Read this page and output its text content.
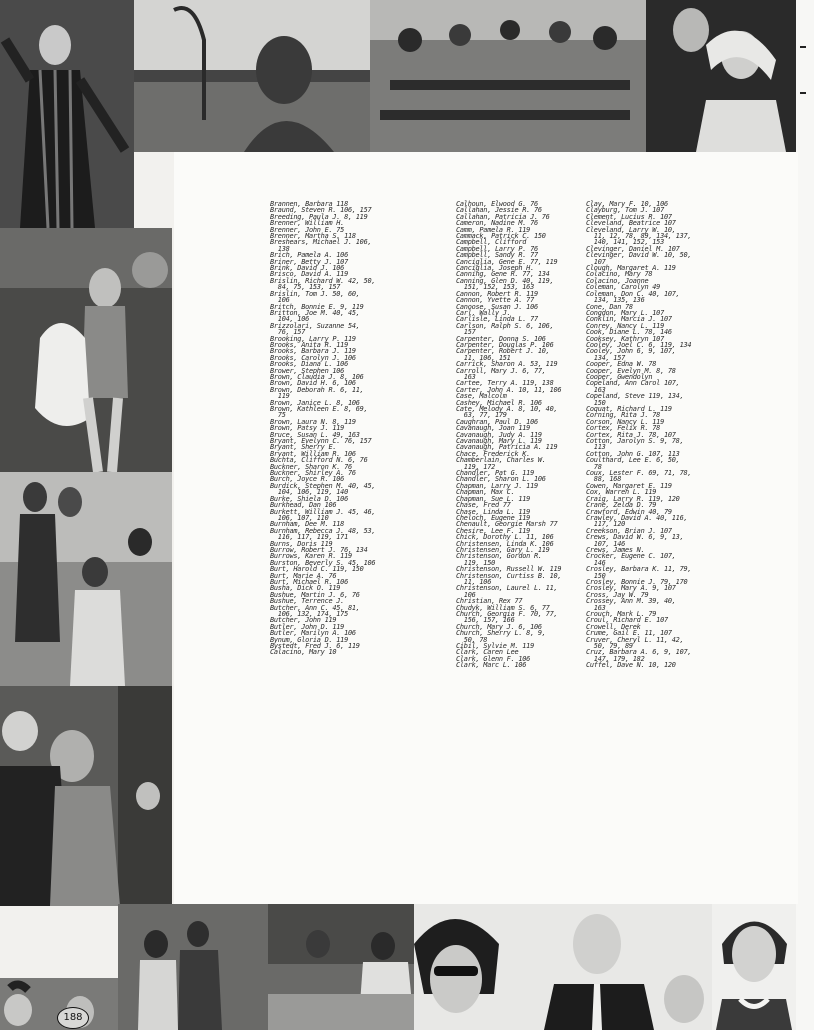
188
Brannen, Barbara 118
Braund, Steven R. 106, 157
Breeding, Paula J. 8, 119
Brenner, William H.
Brenner, John E. 75
Brenner, Martha S. 118
Breshears, Michael J. 106,
138
Brich, Pamela A. 106
Briner, Betty J. 107
Brink, David J. 106
Brisco, David A. 119
Brislin, Richard W. 42, 50,
84, 75, 153, 157
Brislin, Tom J. 50, 60,
106
Britch, Bonnie E. 9, 119
Britton, Joe M. 40, 45,
104, 106
Brizzolari, Suzanne 54,
76, 157
Brooking, Larry P. 119
Brooks, Anita R. 119
Brooks, Barbara J. 119
Brooks, Carolyn J. 106
Brooks, Diana L. 106
Brower, Stephen 106
Brown, Claudia J. 8, 106
Brown, David H. 6, 106
Brown, Deborah R. 6, 11,
119
Brown, Janice L. 8, 106
Brown, Kathleen E. 8, 69,
75
Brown, Laura N. 8, 119
Brown, Patsy J. 119
Bruce, Susan L. 49, 163
Bryant, Evelynn C. 76, 157
Bryant, Sherry E.
Bryant, William R. 106
Buchta, Clifford N. 6, 76
Buckner, Sharon K. 76
Buckner, Shirley A. 76
Burch, Joyce R. 106
Burdick, Stephen M. 40, 45,
104, 106, 119, 140
Burke, Shiela D. 106
Burkhead, Dan 106
Burkett, William J. 45, 46,
106, 107, 110
Burnham, Dee M. 118
Burnham, Rebecca J. 48, 53,
116, 117, 119, 171
Burns, Doris 119
Burrow, Robert J. 76, 134
Burrows, Karen R. 119
Burston, Beverly S. 45, 106
Burt, Harold C. 119, 150
Burt, Marie A. 76
Burt, Michael R. 106
Busha, Dick O. 119
Bushue, Martin J. 6, 76
Bushue, Terrence J.
Butcher, Ann C. 45, 81,
106, 132, 174, 175
Butcher, John 119
Butler, John D. 119
Butler, Marilyn A. 106
Bynum, Gloria D. 119
Bystedt, Fred J. 6, 119
Calacino, Mary 10
Calhoun, Elwood G. 76
Callahan, Jessie R. 76
Callahan, Patricia J. 76
Cameron, Nadine M. 76
Camm, Pamela R. 119
Cammack, Patrick C. 150
Campbell, Clifford
Campbell, Larry P. 76
Campbell, Sandy R. 77
Canciglia, Gene E. 77, 119
Canciglia, Joseph H.
Canning, Gene R. 77, 134
Canning, Glen D. 40, 119,
151, 152, 153, 163
Cannon, Robert R. 119
Cannon, Yvette A. 77
Canoose, Susan J. 106
Carl, Wally J.
Carlisle, Linda L. 77
Carlson, Ralph S. 6, 106,
157
Carpenter, Donna S. 106
Carpenter, Douglas P. 106
Carpenter, Robert J. 10,
11, 106, 151
Carrick, Sharon A. 53, 119
Carroll, Mary J. 6, 77,
163
Cartee, Terry A. 119, 138
Carter, John A. 10, 11, 106
Case, Malcolm
Cashey, Michael R. 106
Cate, Melody A. 8, 10, 40,
63, 77, 179
Caughran, Paul D. 106
Cavanaugh, Joan 119
Cavanaugh, Judy A. 119
Cavanaugh, Mary L. 119
Cavanaugh, Patricia A. 119
Chace, Frederick K.
Chamberlain, Charles W.
119, 172
Chandler, Pat G. 119
Chandler, Sharon L. 106
Chapman, Larry J. 119
Chapman, Max C.
Chapman, Sue L. 119
Chase, Fred 77
Chase, Linda L. 119
Cheloch, Eugene 119
Chenault, Georgie Marsh 77
Chesire, Lee F. 119
Chick, Dorothy L. 11, 106
Christensen, Linda K. 106
Christensen, Gary L. 119
Christenson, Gordon R.
119, 150
Christenson, Russell W. 119
Christenson, Curtiss B. 10,
11, 106
Christenson, Laurel L. 11,
106
Christian, Rex 77
Chudyk, William S. 6, 77
Church, Georgia F. 70, 77,
156, 157, 166
Church, Mary J. 6, 106
Church, Sherry L. 8, 9,
50, 78
Cibil, Sylvie M. 119
Clark, Caren Lee
Clark, Glenn F. 106
Clark, Marc L. 106
Clay, Mary F. 10, 106
Clayburg, Tom J. 107
Clement, Lucius R. 107
Cleveland, Beatrice 107
Cleveland, Larry W. 10,
11, 12, 78, 89, 134, 137,
140, 141, 152, 153
Clevinger, Daniel M. 107
Clevinger, David W. 10, 50,
107
Clough, Margaret A. 119
Colacino, Mary 78
Colacino, Joanne
Coleman, Carolyn 49
Coleman, Don C. 40, 107,
134, 135, 136
Cone, Dan 78
Congdon, Mary L. 107
Conklin, Marcia J. 107
Conrey, Nancy L. 119
Cook, Diane L. 78, 146
Cooksey, Kathryn 107
Cooley, Joel C. 6, 119, 134
Cooley, John 6, 9, 107,
134, 157
Cooper, Edna W. 78
Cooper, Evelyn M. 8, 78
Cooper, Gwendolyn
Copeland, Ann Carol 107,
163
Copeland, Steve 119, 134,
150
Coquat, Richard L. 119
Corning, Rita J. 78
Corson, Nancy L. 119
Cortex, Felix R. 78
Cortex, Rita J. 78, 107
Cotton, Jarolyn S. 9, 78,
113
Cotton, John G. 107, 113
Coulthard, Lee E. 6, 50,
78
Coux, Lester F. 69, 71, 78,
88, 168
Cowen, Margaret E. 119
Cox, Warren L. 119
Craig, Larry R. 119, 120
Crane, Zelda D. 79
Crawford, Edwin 40, 79
Crawley, David A. 40, 116,
117, 120
Creekson, Brian J. 107
Crews, David W. 6, 9, 13,
107, 146
Crews, James N.
Crocker, Eugene C. 107,
146
Crosley, Barbara K. 11, 79,
150
Crosley, Bonnie J. 79, 170
Crosley, Mary A. 9, 107
Cross, Jay W. 79
Crossey, Ann M. 39, 40,
163
Crouch, Mark L. 79
Croul, Richard E. 107
Crowell, Derek
Crume, Gail E. 11, 107
Cruver, Cheryl L. 11, 42,
50, 79, 89
Cruz, Barbara A. 6, 9, 107,
147, 179, 182
Cuffel, Dave N. 10, 120
